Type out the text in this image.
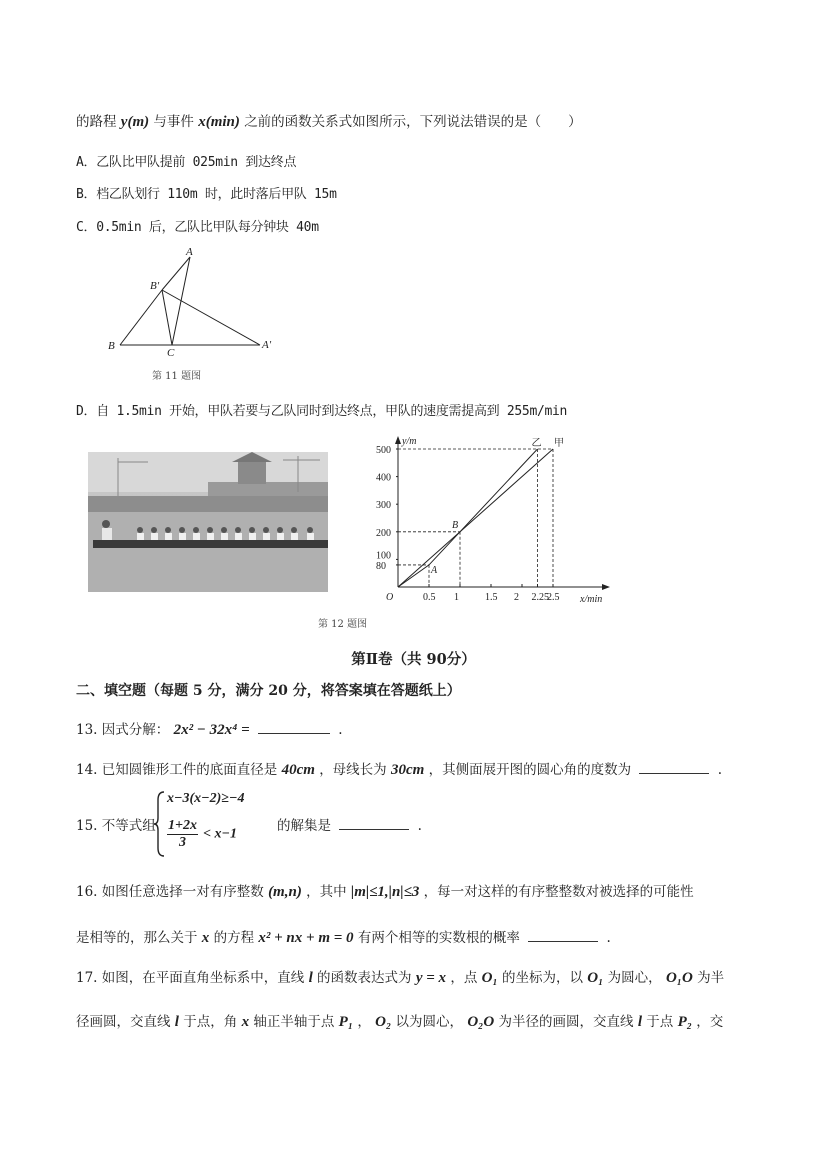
的路程 y(m) 与事件 x(min) 之前的函数关系式如图所示，下列说法错误的是（　　）
A．乙队比甲队提前 025min 到达终点
B．档乙队划行 110m 时，此时落后甲队 15m
C．0.5min 后，乙队比甲队每分钟块 40m
A
B′
B
C
A′
第 11 题图
D．自 1.5min 开始，甲队若要与乙队同时到达终点，甲队的速度需提高到 255m/min
y/m
x/min
O
500
400
300
200
100
80
0.5 1	1.5 2 2.25
2.5
A
B
乙 甲
第 12 题图
第Ⅱ卷（共 90分）
二、填空题（每题 5 分，满分 20 分，将答案填在答题纸上）
13. 因式分解： 2x² − 32x⁴ =	.
14. 已知圆锥形工件的底面直径是 40cm ，母线长为 30cm ，其侧面展开图的圆心角的度数为	.
15. 不等式组
x−3(x−2)≥−4
$\frac{1+2x}{3} < x-1$	的解集是	.
16. 如图任意选择一对有序整数 (m,n) ，其中 |m|≤1,|n|≤3 ，每一对这样的有序整整数对被选择的可能性
是相等的，那么关于 x 的方程 x² + nx + m = 0 有两个相等的实数根的概率	.
17. 如图，在平面直角坐标系中，直线 l 的函数表达式为 y = x ，点 O₁ 的坐标为，以 O₁ 为圆心， O₁O 为半
径画圆，交直线 l 于点，角 x 轴正半轴于点 P₁ ， O₂ 以为圆心， O₂O 为半径的画圆，交直线 l 于点 P₂ ，交
